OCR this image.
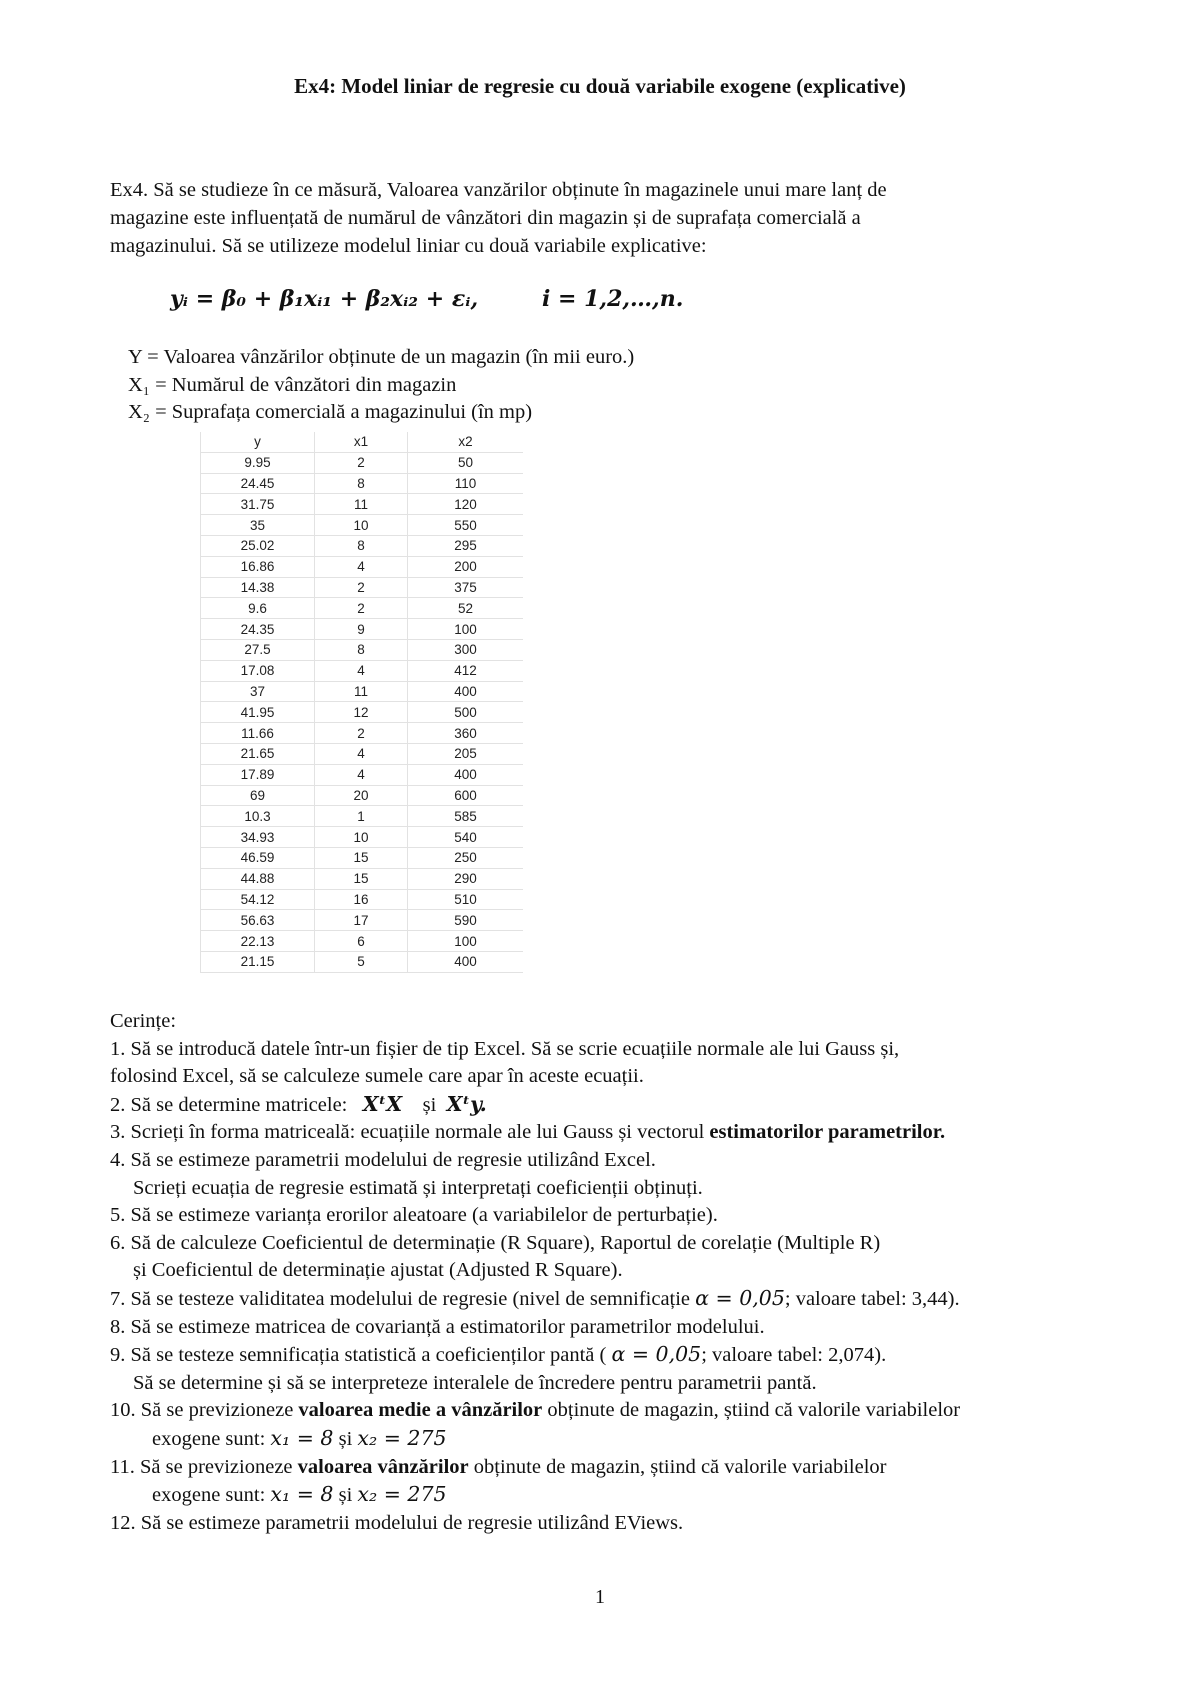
Ex4: Model liniar de regresie cu două variabile exogene (explicative)

Ex4. Să se studieze în ce măsură, Valoarea vanzărilor obținute în magazinele unui mare lanț de

magazine este influențată de numărul de vânzători din magazin și de suprafața comercială a

magazinului. Să se utilizeze modelul liniar cu două variabile explicative:

yᵢ = β₀ + β₁xᵢ₁ + β₂xᵢ₂ + εᵢ,	i = 1,2,…,n.
Y = Valoarea vânzărilor obținute de un magazin (în mii euro.)
X₁ = Numărul de vânzători din magazin
X₂ = Suprafața comercială a magazinului (în mp)
y	x1	x2
9.95	2	50
24.45	8	110
31.75	11	120
35	10	550
25.02	8	295
16.86	4	200
14.38	2	375
9.6	2	52
24.35	9	100
27.5	8	300
17.08	4	412
37	11	400
41.95	12	500
11.66	2	360
21.65	4	205
17.89	4	400
69	20	600
10.3	1	585
34.93	10	540
46.59	15	250
44.88	15	290
54.12	16	510
56.63	17	590
22.13	6	100
21.15	5	400
Cerințe:
1. Să se introducă datele într-un fișier de tip Excel. Să se scrie ecuațiile normale ale lui Gauss și,
folosind Excel, să se calculeze sumele care apar în aceste ecuații.
2. Să se determine matricele: XᵗX și Xᵗy.
3. Scrieți în forma matriceală: ecuațiile normale ale lui Gauss și vectorul estimatorilor parametrilor.
4. Să se estimeze parametrii modelului de regresie utilizând Excel.
Scrieți ecuația de regresie estimată și interpretați coeficienții obținuți.
5. Să se estimeze varianța erorilor aleatoare (a variabilelor de perturbație).
6. Să de calculeze Coeficientul de determinație (R Square), Raportul de corelație (Multiple R)
și Coeficientul de determinație ajustat (Adjusted R Square).
7. Să se testeze validitatea modelului de regresie (nivel de semnificație α = 0,05; valoare tabel: 3,44).
8. Să se estimeze matricea de covarianță a estimatorilor parametrilor modelului.
9. Să se testeze semnificația statistică a coeficienților pantă ( α = 0,05; valoare tabel: 2,074).
Să se determine și să se interpreteze interalele de încredere pentru parametrii pantă.
10. Să se previzioneze valoarea medie a vânzărilor obținute de magazin, știind că valorile variabilelor
exogene sunt: x₁ = 8 și x₂ = 275
11. Să se previzioneze valoarea vânzărilor obținute de magazin, știind că valorile variabilelor
exogene sunt: x₁ = 8 și x₂ = 275
12. Să se estimeze parametrii modelului de regresie utilizând EViews.
1
